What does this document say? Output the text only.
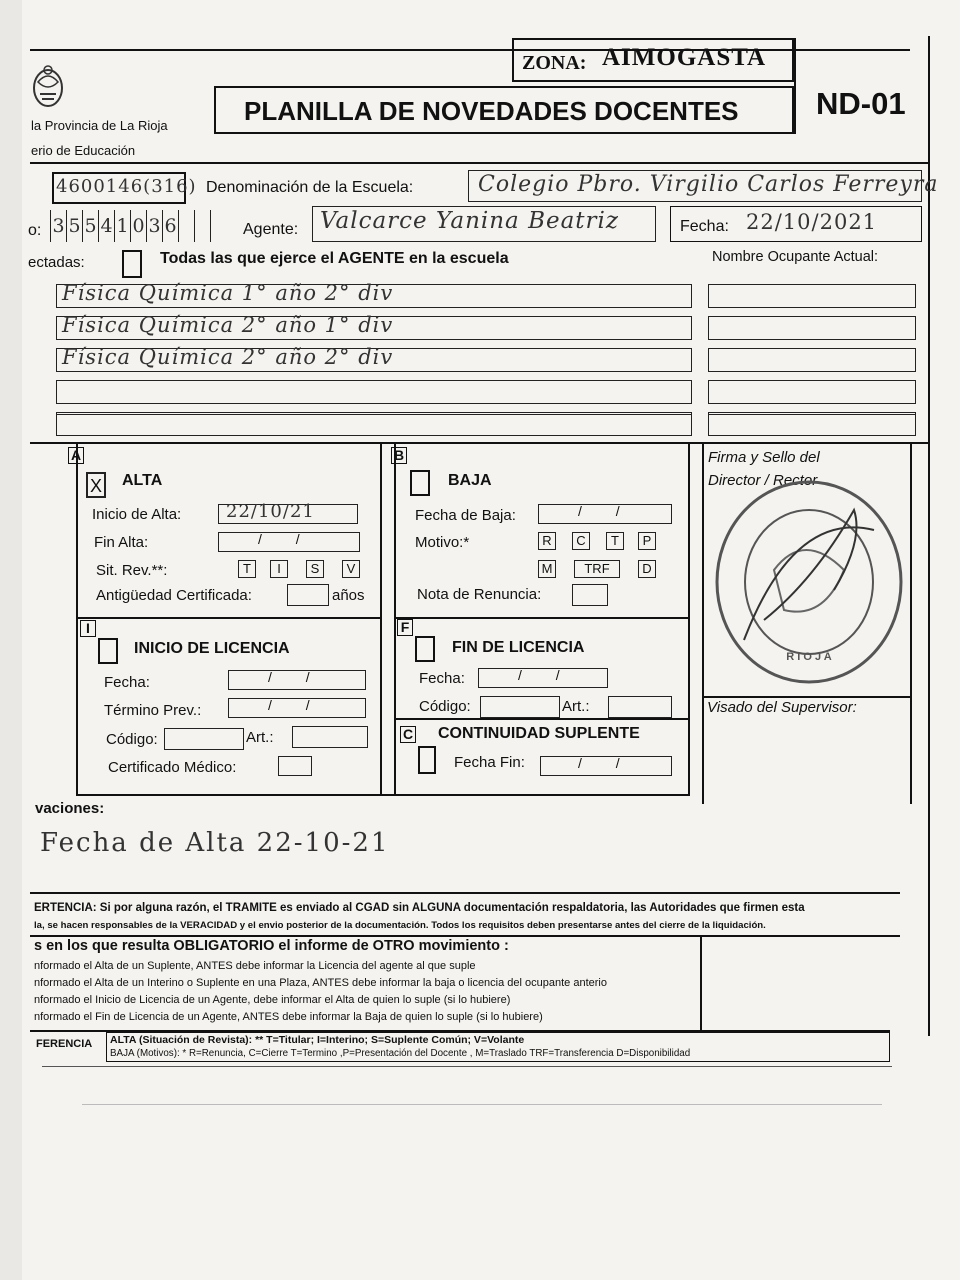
la Provincia de La Rioja
erio de Educación
ZONA: AIMOGASTA
PLANILLA DE NOVEDADES DOCENTES ND-01
4600146(316) Denominación de la Escuela:	Colegio Pbro. Virgilio Carlos Ferreyra
o: 3 5 5 4 1 0 3 6	Agente: Valcarce Yanina Beatriz	Fecha: 22/10/2021
ectadas:	Todas las que ejerce el AGENTE en la escuela	Nombre Ocupante Actual:
Física Química 1° año 2° div
Física Química 2° año 1° div
Física Química 2° año 2° div
A
X ALTA
Inicio de Alta: 22/10/21
Fin Alta:	/ /
Sit. Rev.**:	T	I	S	V
Antigüedad Certificada:	años
B
BAJA
Fecha de Baja:	/ /
Motivo:*	R	C	T	P
M	TRF	D
Nota de Renuncia:
I
INICIO DE LICENCIA
Fecha:	/ /
Término Prev.:	/ /
Código:	Art.:
Certificado Médico:
F
FIN DE LICENCIA
Fecha:	/ /
Código:	Art.:
C CONTINUIDAD SUPLENTE
Fecha Fin:	/ /
Firma y Sello del Director / Rector
R I O J A
Visado del Supervisor:
vaciones:
Fecha de Alta 22-10-21
ERTENCIA: Si por alguna razón, el TRAMITE es enviado al CGAD sin ALGUNA documentación respaldatoria, las Autoridades que firmen esta
la, se hacen responsables de la VERACIDAD y el envio posterior de la documentación. Todos los requisitos deben presentarse antes del cierre de la liquidación.
s en los que resulta OBLIGATORIO el informe de OTRO movimiento :
nformado el Alta de un Suplente, ANTES debe informar la Licencia del agente al que suple
nformado el Alta de un Interino o Suplente en una Plaza, ANTES debe informar la baja o licencia del ocupante anterio
nformado el Inicio de Licencia de un Agente, debe informar el Alta de quien lo suple (si lo hubiere)
nformado el Fin de Licencia de un Agente, ANTES debe informar la Baja de quien lo suple (si lo hubiere)
FERENCIA ALTA (Situación de Revista): ** T=Titular; I=Interino; S=Suplente Común; V=Volante
BAJA (Motivos): * R=Renuncia, C=Cierre T=Termino ,P=Presentación del Docente , M=Traslado TRF=Transferencia D=Disponibilidad
